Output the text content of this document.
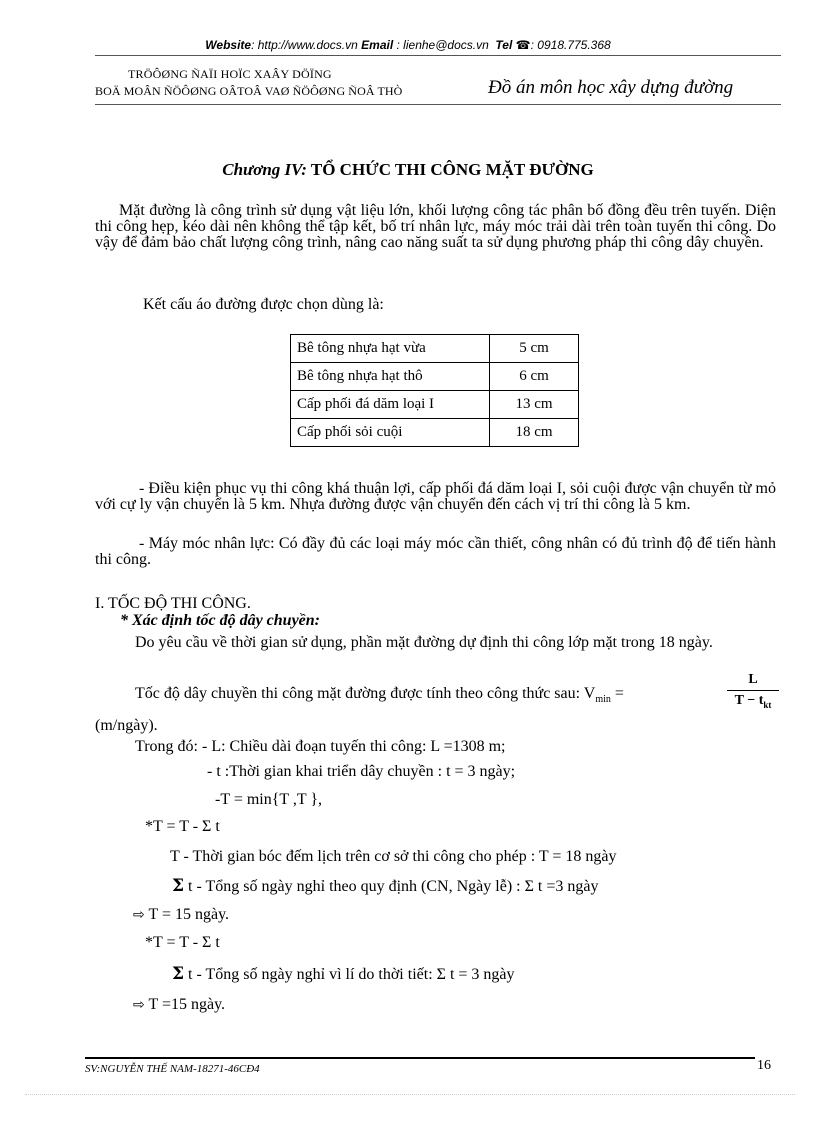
Website: http://www.docs.vn Email : lienhe@docs.vn Tel ☎: 0918.775.368
TRÖÔØNG ÑAÏI HOÏC XAÂY DÖÏNG
BOÄ MOÂN ÑÖÔØNG OÂTOÂ VAØ ÑÖÔØNG ÑOÂ THÒ	Đồ án môn học xây dựng đường
Chương IV: TỔ CHỨC THI CÔNG MẶT ĐƯỜNG
Mặt đường là công trình sử dụng vật liệu lớn, khối lượng công tác phân bố đồng đều trên tuyến. Diện thi công hẹp, kéo dài nên không thể tập kết, bố trí nhân lực, máy móc trải dài trên toàn tuyến thi công. Do vậy để đảm bảo chất lượng công trình, nâng cao năng suất ta sử dụng phương pháp thi công dây chuyền.
Kết cấu áo đường được chọn dùng là:
Bê tông nhựa hạt vừa	5 cm
Bê tông nhựa hạt thô	6 cm
Cấp phối đá dăm loại I	13 cm
Cấp phối sỏi cuội	18 cm
- Điều kiện phục vụ thi công khá thuận lợi, cấp phối đá dăm loại I, sỏi cuội được vận chuyển từ mỏ với cự ly vận chuyển là 5 km. Nhựa đường được vận chuyển đến cách vị trí thi công là 5 km.
- Máy móc nhân lực: Có đầy đủ các loại máy móc cần thiết, công nhân có đủ trình độ để tiến hành thi công.
I. TỐC ĐỘ THI CÔNG.
* Xác định tốc độ dây chuyền:
Do yêu cầu về thời gian sử dụng, phần mặt đường dự định thi công lớp mặt trong 18 ngày.
Tốc độ dây chuyền thi công mặt đường được tính theo công thức sau: $V_{min}$ =
L
$T - t_{kt}$
(m/ngày).
Trong đó: - L: Chiều dài đoạn tuyến thi công: L =1308 m;
- t :Thời gian khai triển dây chuyền : t = 3 ngày;
-T = min{T ,T },
*T = T - Σ t
T - Thời gian bóc đếm lịch trên cơ sở thi công cho phép : T = 18 ngày
Σ t - Tổng số ngày nghỉ theo quy định (CN, Ngày lễ) : Σ t =3 ngày
⇨ T = 15 ngày.
*T = T - Σ t
Σ t - Tổng số ngày nghỉ vì lí do thời tiết: Σ t = 3 ngày
⇨ T =15 ngày.
SV:NGUYỄN THẾ NAM-18271-46CĐ4	16
